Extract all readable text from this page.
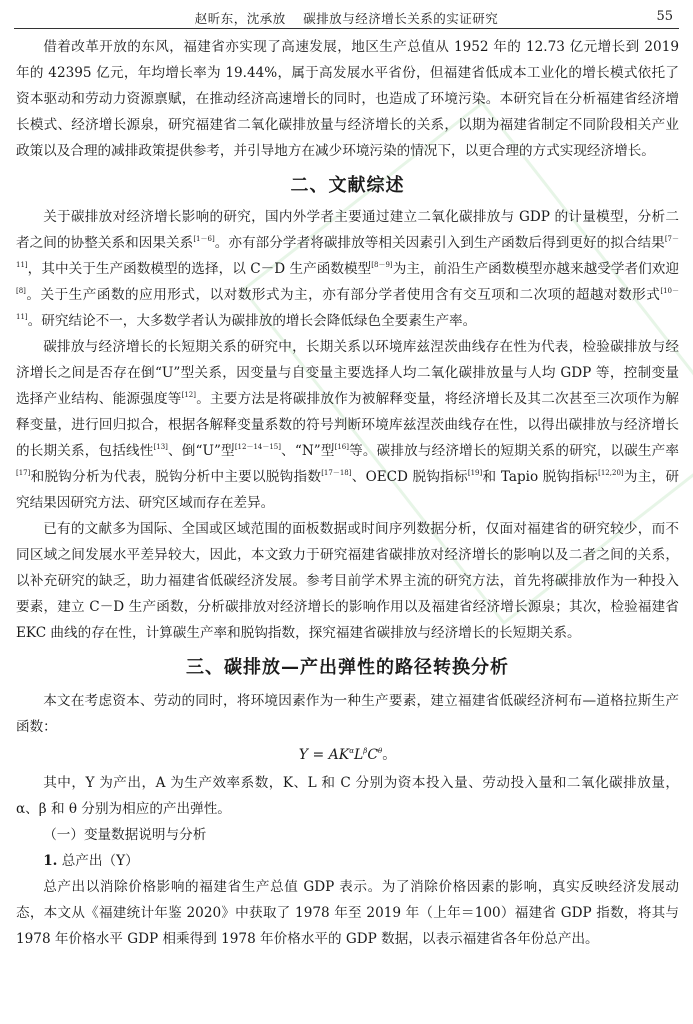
赵昕东，沈承放　 碳排放与经济增长关系的实证研究	55

借着改革开放的东风，福建省亦实现了高速发展，地区生产总值从 1952 年的 12.73 亿元增长到 2019 年的 42395 亿元，年均增长率为 19.44%，属于高发展水平省份，但福建省低成本工业化的增长模式依托了资本驱动和劳动力资源禀赋，在推动经济高速增长的同时，也造成了环境污染。本研究旨在分析福建省经济增长模式、经济增长源泉，研究福建省二氧化碳排放量与经济增长的关系，以期为福建省制定不同阶段相关产业政策以及合理的减排政策提供参考，并引导地方在减少环境污染的情况下，以更合理的方式实现经济增长。

二、文献综述

关于碳排放对经济增长影响的研究，国内外学者主要通过建立二氧化碳排放与 GDP 的计量模型，分析二者之间的协整关系和因果关系[1－6]。亦有部分学者将碳排放等相关因素引入到生产函数后得到更好的拟合结果[7－11]，其中关于生产函数模型的选择，以 C－D 生产函数模型[8－9]为主，前沿生产函数模型亦越来越受学者们欢迎[8]。关于生产函数的应用形式，以对数形式为主，亦有部分学者使用含有交互项和二次项的超越对数形式[10－11]。研究结论不一，大多数学者认为碳排放的增长会降低绿色全要素生产率。

碳排放与经济增长的长短期关系的研究中，长期关系以环境库兹涅茨曲线存在性为代表，检验碳排放与经济增长之间是否存在倒“U”型关系，因变量与自变量主要选择人均二氧化碳排放量与人均 GDP 等，控制变量选择产业结构、能源强度等[12]。主要方法是将碳排放作为被解释变量，将经济增长及其二次甚至三次项作为解释变量，进行回归拟合，根据各解释变量系数的符号判断环境库兹涅茨曲线存在性，以得出碳排放与经济增长的长期关系，包括线性[13]、倒“U”型[12－14－15]、“N”型[16]等。碳排放与经济增长的短期关系的研究，以碳生产率[17]和脱钩分析为代表，脱钩分析中主要以脱钩指数[17－18]、OECD 脱钩指标[19]和 Tapio 脱钩指标[12,20]为主，研究结果因研究方法、研究区域而存在差异。

已有的文献多为国际、全国或区域范围的面板数据或时间序列数据分析，仅面对福建省的研究较少，而不同区域之间发展水平差异较大，因此，本文致力于研究福建省碳排放对经济增长的影响以及二者之间的关系，以补充研究的缺乏，助力福建省低碳经济发展。参考目前学术界主流的研究方法，首先将碳排放作为一种投入要素，建立 C－D 生产函数，分析碳排放对经济增长的影响作用以及福建省经济增长源泉；其次，检验福建省 EKC 曲线的存在性，计算碳生产率和脱钩指数，探究福建省碳排放与经济增长的长短期关系。

三、碳排放—产出弹性的路径转换分析

本文在考虑资本、劳动的同时，将环境因素作为一种生产要素，建立福建省低碳经济柯布—道格拉斯生产函数：

$Y = AK^\alpha L^\beta C^\theta$。

其中，Y 为产出，A 为生产效率系数，K、L 和 C 分别为资本投入量、劳动投入量和二氧化碳排放量，α、β 和 θ 分别为相应的产出弹性。

（一）变量数据说明与分析

1. 总产出（Y）

总产出以消除价格影响的福建省生产总值 GDP 表示。为了消除价格因素的影响，真实反映经济发展动态，本文从《福建统计年鉴 2020》中获取了 1978 年至 2019 年（上年＝100）福建省 GDP 指数，将其与 1978 年价格水平 GDP 相乘得到 1978 年价格水平的 GDP 数据，以表示福建省各年份总产出。
